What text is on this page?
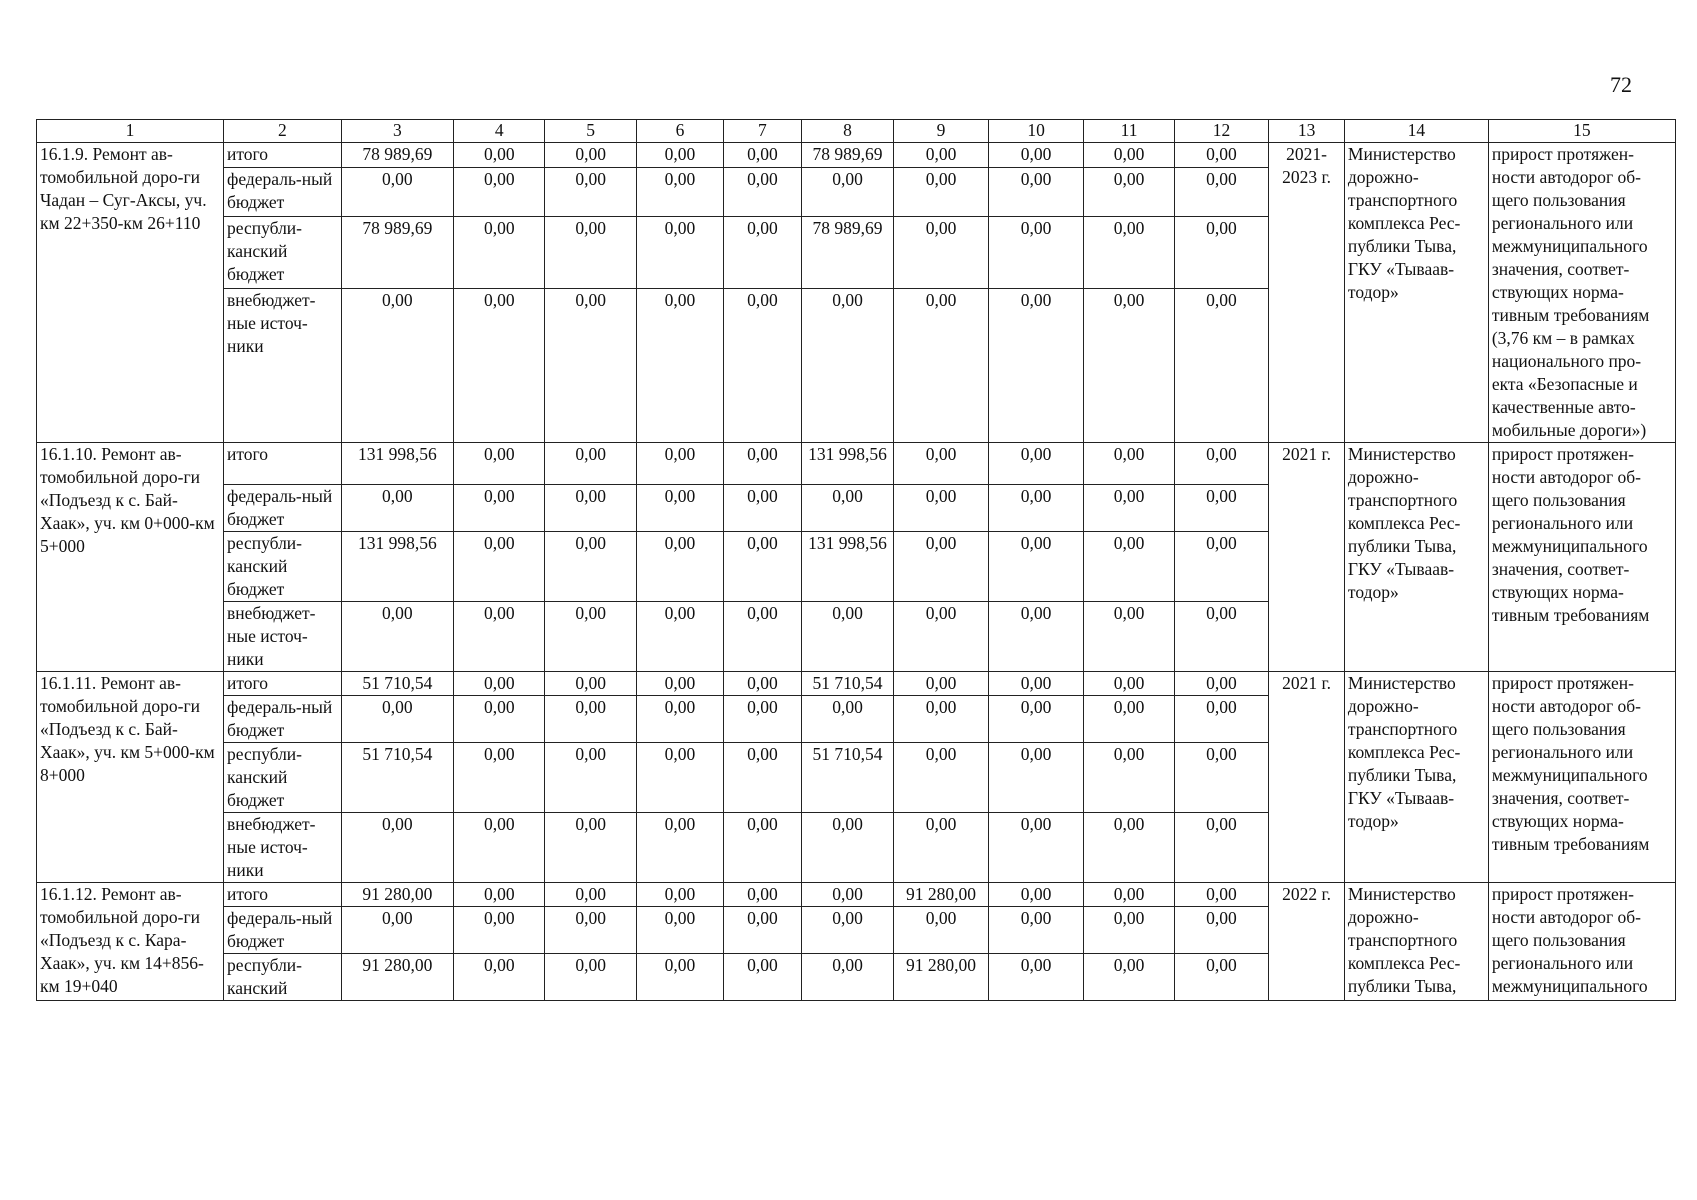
72
1	2	3	4	5	6	7	8	9	10	11	12	13	14	15
16.1.9. Ремонт ав-томобильной доро-ги Чадан – Суг-Аксы, уч. км 22+350-км 26+110	итого	78 989,69	0,00	0,00	0,00	0,00	78 989,69	0,00	0,00	0,00	0,00	2021-2023 г.	Министерство дорожно-транспортного комплекса Рес-публики Тыва, ГКУ «Тываав-тодор»	прирост протяжен-ности автодорог об-щего пользования регионального или межмуниципального значения, соответ-ствующих норма-тивным требованиям (3,76 км – в рамках национального про-екта «Безопасные и качественные авто-мобильные дороги»)
	федераль-ный бюджет	0,00	0,00	0,00	0,00	0,00	0,00	0,00	0,00	0,00	0,00			
	республи-канский бюджет	78 989,69	0,00	0,00	0,00	0,00	78 989,69	0,00	0,00	0,00	0,00			
	внебюджет-ные источ-ники	0,00	0,00	0,00	0,00	0,00	0,00	0,00	0,00	0,00	0,00			
16.1.10. Ремонт ав-томобильной доро-ги «Подъезд к с. Бай-Хаак», уч. км 0+000-км 5+000	итого	131 998,56	0,00	0,00	0,00	0,00	131 998,56	0,00	0,00	0,00	0,00	2021 г.	Министерство дорожно-транспортного комплекса Рес-публики Тыва, ГКУ «Тываав-тодор»	прирост протяжен-ности автодорог об-щего пользования регионального или межмуниципального значения, соответ-ствующих норма-тивным требованиям
	федераль-ный бюджет	0,00	0,00	0,00	0,00	0,00	0,00	0,00	0,00	0,00	0,00			
	республи-канский бюджет	131 998,56	0,00	0,00	0,00	0,00	131 998,56	0,00	0,00	0,00	0,00			
	внебюджет-ные источ-ники	0,00	0,00	0,00	0,00	0,00	0,00	0,00	0,00	0,00	0,00			
16.1.11. Ремонт ав-томобильной доро-ги «Подъезд к с. Бай-Хаак», уч. км 5+000-км 8+000	итого	51 710,54	0,00	0,00	0,00	0,00	51 710,54	0,00	0,00	0,00	0,00	2021 г.	Министерство дорожно-транспортного комплекса Рес-публики Тыва, ГКУ «Тываав-тодор»	прирост протяжен-ности автодорог об-щего пользования регионального или межмуниципального значения, соответ-ствующих норма-тивным требованиям
	федераль-ный бюджет	0,00	0,00	0,00	0,00	0,00	0,00	0,00	0,00	0,00	0,00			
	республи-канский бюджет	51 710,54	0,00	0,00	0,00	0,00	51 710,54	0,00	0,00	0,00	0,00			
	внебюджет-ные источ-ники	0,00	0,00	0,00	0,00	0,00	0,00	0,00	0,00	0,00	0,00			
16.1.12. Ремонт ав-томобильной доро-ги «Подъезд к с. Кара-Хаак», уч. км 14+856-км 19+040	итого	91 280,00	0,00	0,00	0,00	0,00	0,00	91 280,00	0,00	0,00	0,00	2022 г.	Министерство дорожно-транспортного комплекса Рес-публики Тыва,	прирост протяжен-ности автодорог об-щего пользования регионального или межмуниципального
	федераль-ный бюджет	0,00	0,00	0,00	0,00	0,00	0,00	0,00	0,00	0,00	0,00			
	республи-канский	91 280,00	0,00	0,00	0,00	0,00	0,00	91 280,00	0,00	0,00	0,00			
